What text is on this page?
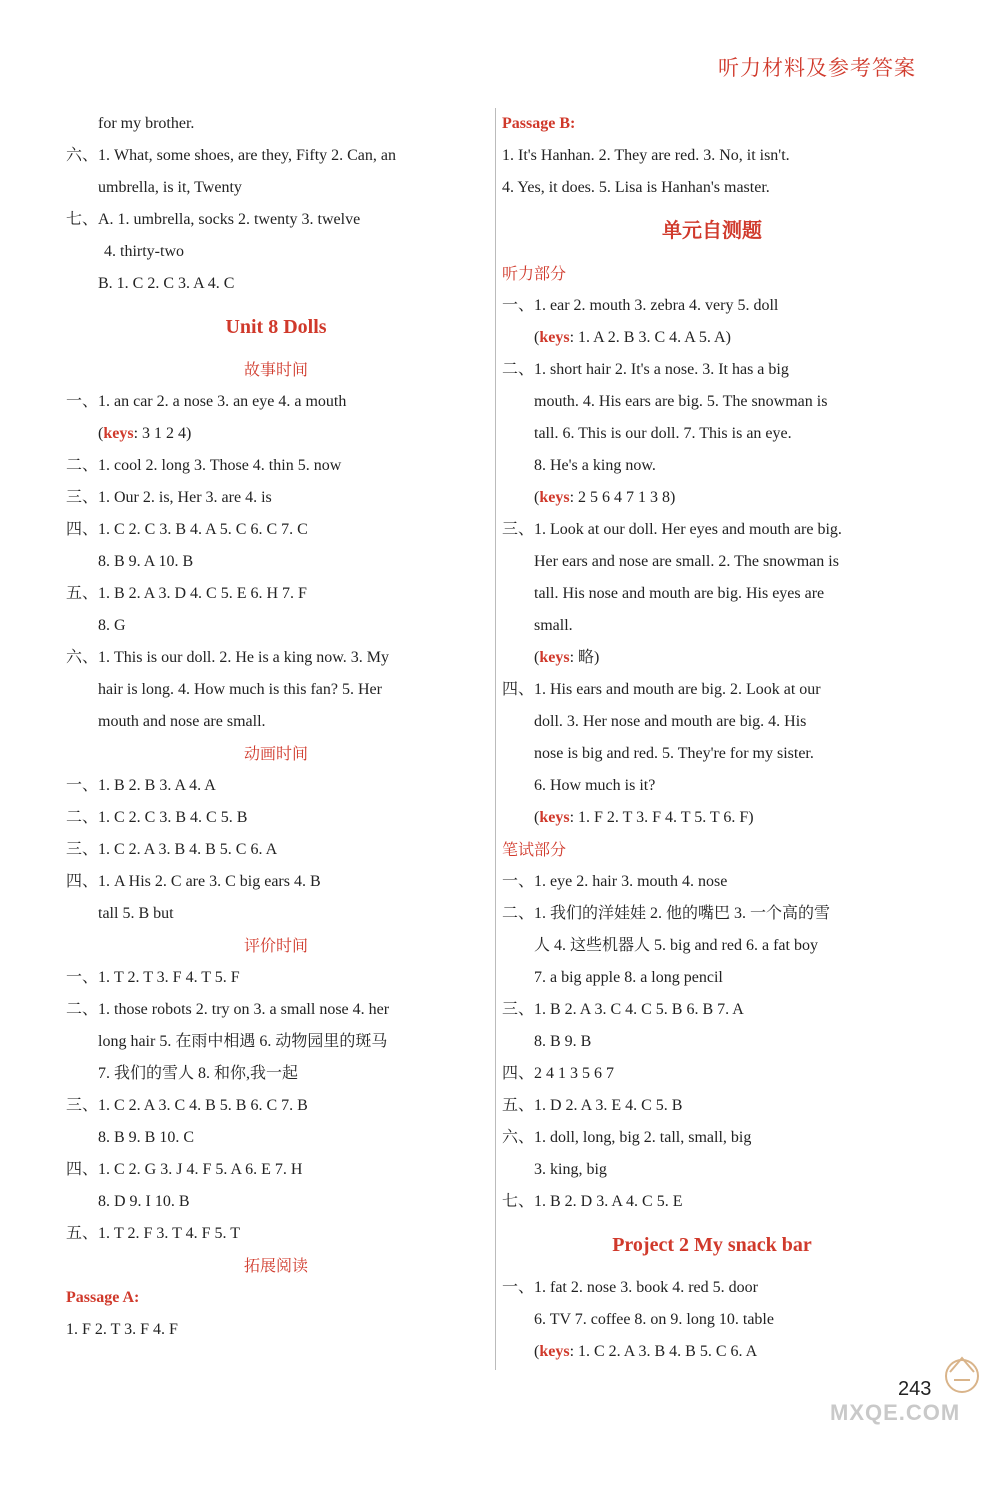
听力材料及参考答案
for my brother.
六、1. What, some shoes, are they, Fifty 2. Can, an
umbrella, is it, Twenty
七、A. 1. umbrella, socks 2. twenty 3. twelve
4. thirty-two
B. 1. C 2. C 3. A 4. C
Unit 8 Dolls
故事时间
一、1. an car 2. a nose 3. an eye 4. a mouth
(keys: 3 1 2 4)
二、1. cool 2. long 3. Those 4. thin 5. now
三、1. Our 2. is, Her 3. are 4. is
四、1. C 2. C 3. B 4. A 5. C 6. C 7. C
8. B 9. A 10. B
五、1. B 2. A 3. D 4. C 5. E 6. H 7. F
8. G
六、1. This is our doll. 2. He is a king now. 3. My
hair is long. 4. How much is this fan? 5. Her
mouth and nose are small.
动画时间
一、1. B 2. B 3. A 4. A
二、1. C 2. C 3. B 4. C 5. B
三、1. C 2. A 3. B 4. B 5. C 6. A
四、1. A His 2. C are 3. C big ears 4. B
tall 5. B but
评价时间
一、1. T 2. T 3. F 4. T 5. F
二、1. those robots 2. try on 3. a small nose 4. her
long hair 5. 在雨中相遇 6. 动物园里的斑马
7. 我们的雪人 8. 和你,我一起
三、1. C 2. A 3. C 4. B 5. B 6. C 7. B
8. B 9. B 10. C
四、1. C 2. G 3. J 4. F 5. A 6. E 7. H
8. D 9. I 10. B
五、1. T 2. F 3. T 4. F 5. T
拓展阅读
Passage A:
1. F 2. T 3. F 4. F
Passage B:
1. It's Hanhan. 2. They are red. 3. No, it isn't.
4. Yes, it does. 5. Lisa is Hanhan's master.
单元自测题
听力部分
一、1. ear 2. mouth 3. zebra 4. very 5. doll
(keys: 1. A 2. B 3. C 4. A 5. A)
二、1. short hair 2. It's a nose. 3. It has a big
mouth. 4. His ears are big. 5. The snowman is
tall. 6. This is our doll. 7. This is an eye.
8. He's a king now.
(keys: 2 5 6 4 7 1 3 8)
三、1. Look at our doll. Her eyes and mouth are big.
Her ears and nose are small. 2. The snowman is
tall. His nose and mouth are big. His eyes are
small.
(keys: 略)
四、1. His ears and mouth are big. 2. Look at our
doll. 3. Her nose and mouth are big. 4. His
nose is big and red. 5. They're for my sister.
6. How much is it?
(keys: 1. F 2. T 3. F 4. T 5. T 6. F)
笔试部分
一、1. eye 2. hair 3. mouth 4. nose
二、1. 我们的洋娃娃 2. 他的嘴巴 3. 一个高的雪
人 4. 这些机器人 5. big and red 6. a fat boy
7. a big apple 8. a long pencil
三、1. B 2. A 3. C 4. C 5. B 6. B 7. A
8. B 9. B
四、2 4 1 3 5 6 7
五、1. D 2. A 3. E 4. C 5. B
六、1. doll, long, big 2. tall, small, big
3. king, big
七、1. B 2. D 3. A 4. C 5. E
Project 2 My snack bar
一、1. fat 2. nose 3. book 4. red 5. door
6. TV 7. coffee 8. on 9. long 10. table
(keys: 1. C 2. A 3. B 4. B 5. C 6. A
243
MXQE.COM
